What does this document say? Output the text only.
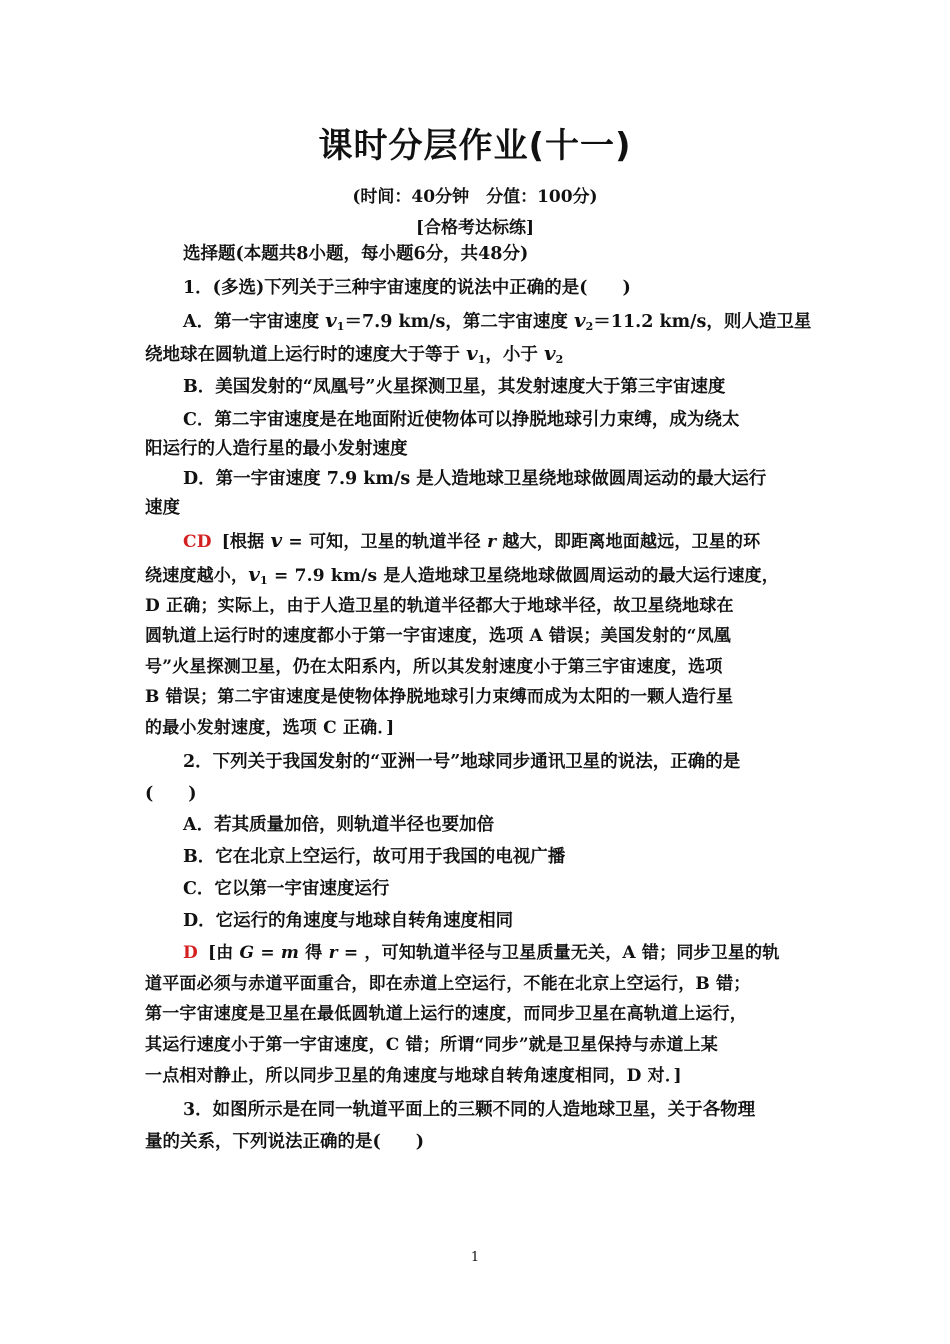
课时分层作业(十一)
(时间：40分钟　分值：100分)
[合格考达标练]
选择题(本题共8小题，每小题6分，共48分)
1．(多选)下列关于三种宇宙速度的说法中正确的是(　　)
A．第一宇宙速度 $v_1=7.9$ km/s，第二宇宙速度 $v_2=11.2$ km/s，则人造卫星
绕地球在圆轨道上运行时的速度大于等于 $v_1$，小于 $v_2$
B．美国发射的“凤凰号”火星探测卫星，其发射速度大于第三宇宙速度
C．第二宇宙速度是在地面附近使物体可以挣脱地球引力束缚，成为绕太
阳运行的人造行星的最小发射速度
D．第一宇宙速度 7.9 km/s 是人造地球卫星绕地球做圆周运动的最大运行
速度
CD [根据 v = 可知，卫星的轨道半径 r 越大，即距离地面越远，卫星的环
绕速度越小，$v_1 = 7.9$ km/s 是人造地球卫星绕地球做圆周运动的最大运行速度，
D 正确；实际上，由于人造卫星的轨道半径都大于地球半径，故卫星绕地球在
圆轨道上运行时的速度都小于第一宇宙速度，选项 A 错误；美国发射的“凤凰
号”火星探测卫星，仍在太阳系内，所以其发射速度小于第三宇宙速度，选项
B 错误；第二宇宙速度是使物体挣脱地球引力束缚而成为太阳的一颗人造行星
的最小发射速度，选项 C 正确．]
2．下列关于我国发射的“亚洲一号”地球同步通讯卫星的说法，正确的是
(　　)
A．若其质量加倍，则轨道半径也要加倍
B．它在北京上空运行，故可用于我国的电视广播
C．它以第一宇宙速度运行
D．它运行的角速度与地球自转角速度相同
D [由 G = m 得 r = ，可知轨道半径与卫星质量无关，A 错；同步卫星的轨
道平面必须与赤道平面重合，即在赤道上空运行，不能在北京上空运行，B 错；
第一宇宙速度是卫星在最低圆轨道上运行的速度，而同步卫星在高轨道上运行，
其运行速度小于第一宇宙速度，C 错；所谓“同步”就是卫星保持与赤道上某
一点相对静止，所以同步卫星的角速度与地球自转角速度相同，D 对．]
3．如图所示是在同一轨道平面上的三颗不同的人造地球卫星，关于各物理
量的关系，下列说法正确的是(　　)
1
